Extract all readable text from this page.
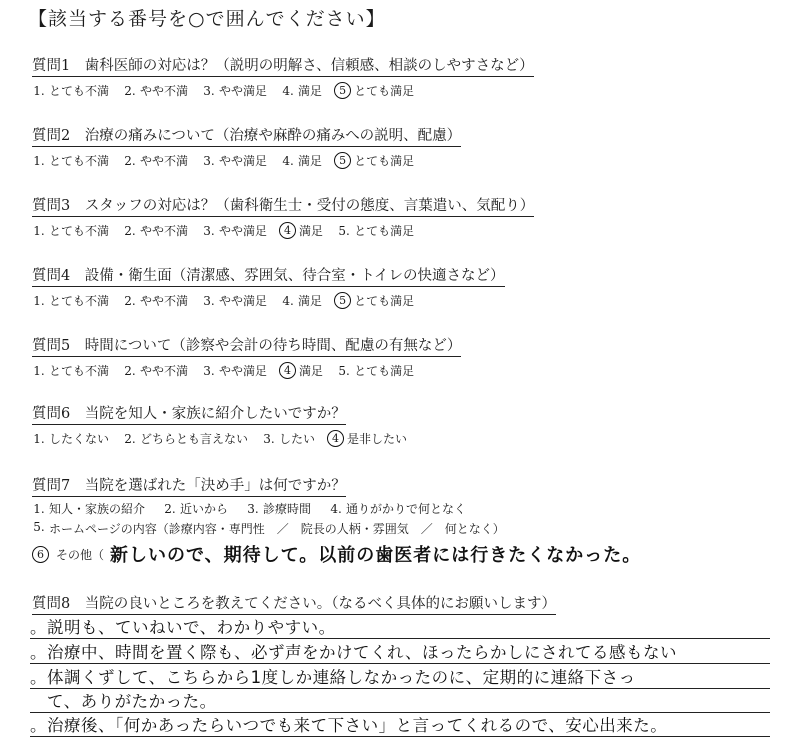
【該当する番号を○で囲んでください】
質問1　歯科医師の対応は？（説明の明解さ、信頼感、相談のしやすさなど）
1. とても不満 2. やや不満 3. やや満足 4. 満足	5 とても満足
質問2　治療の痛みについて（治療や麻酔の痛みへの説明、配慮）
1. とても不満 2. やや不満 3. やや満足 4. 満足	5 とても満足
質問3　スタッフの対応は？（歯科衛生士・受付の態度、言葉遣い、気配り）
1. とても不満 2. やや不満 3. やや満足	4 満足 5. とても満足
質問4　設備・衛生面（清潔感、雰囲気、待合室・トイレの快適さなど）
1. とても不満 2. やや不満 3. やや満足 4. 満足	5 とても満足
質問5　時間について（診察や会計の待ち時間、配慮の有無など）
1. とても不満 2. やや不満 3. やや満足	4 満足 5. とても満足
質問6　当院を知人・家族に紹介したいですか？
1. したくない 2. どちらとも言えない 3. したい	4 是非したい
質問7　当院を選ばれた「決め手」は何ですか？
1. 知人・家族の紹介 2. 近いから 3. 診療時間 4. 通りがかりで何となく
5. ホームページの内容（診療内容・専門性　／　院長の人柄・雰囲気　／　何となく）
6	その他（ 新しいので、期待して。以前の歯医者には行きたくなかった。
質問8　当院の良いところを教えてください。（なるべく具体的にお願いします）
。説明も、ていねいで、わかりやすい。
。治療中、時間を置く際も、必ず声をかけてくれ、ほったらかしにされてる感もない
。体調くずして、こちらから1度しか連絡しなかったのに、定期的に連絡下さっ
　て、ありがたかった。
。治療後、「何かあったらいつでも来て下さい」と言ってくれるので、安心出来た。
